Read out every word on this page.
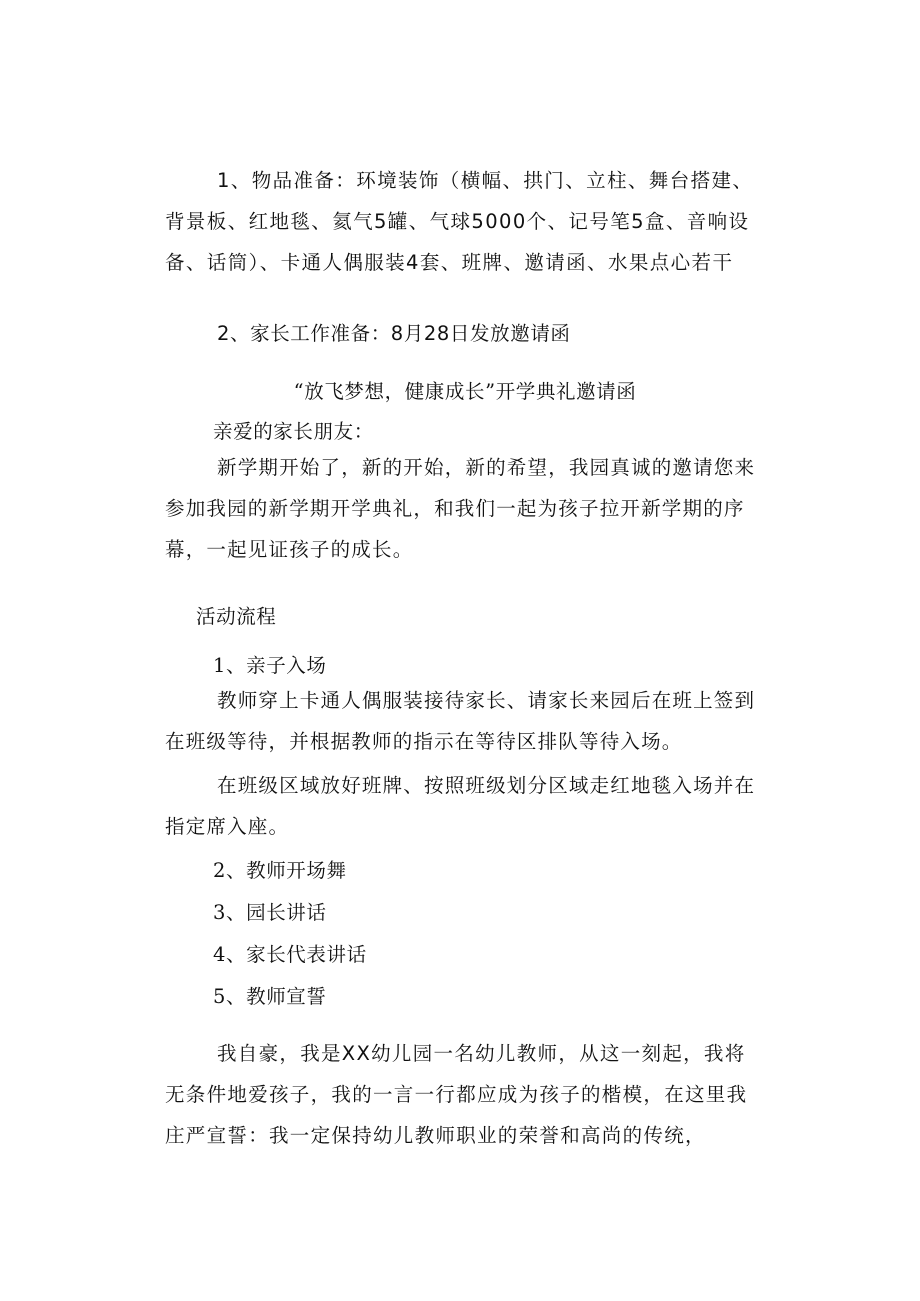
1、物品准备：环境装饰（横幅、拱门、立柱、舞台搭建、背景板、红地毯、氦气5罐、气球5000个、记号笔5盒、音响设备、话筒）、卡通人偶服装4套、班牌、邀请函、水果点心若干

2、家长工作准备：8月28日发放邀请函

“放飞梦想，健康成长”开学典礼邀请函

亲爱的家长朋友：

新学期开始了，新的开始，新的希望，我园真诚的邀请您来参加我园的新学期开学典礼，和我们一起为孩子拉开新学期的序幕，一起见证孩子的成长。

活动流程

1、亲子入场

教师穿上卡通人偶服装接待家长、请家长来园后在班上签到在班级等待，并根据教师的指示在等待区排队等待入场。

在班级区域放好班牌、按照班级划分区域走红地毯入场并在指定席入座。

2、教师开场舞

3、园长讲话

4、家长代表讲话

5、教师宣誓

我自豪，我是XX幼儿园一名幼儿教师，从这一刻起，我将无条件地爱孩子，我的一言一行都应成为孩子的楷模，在这里我庄严宣誓：我一定保持幼儿教师职业的荣誉和高尚的传统，
